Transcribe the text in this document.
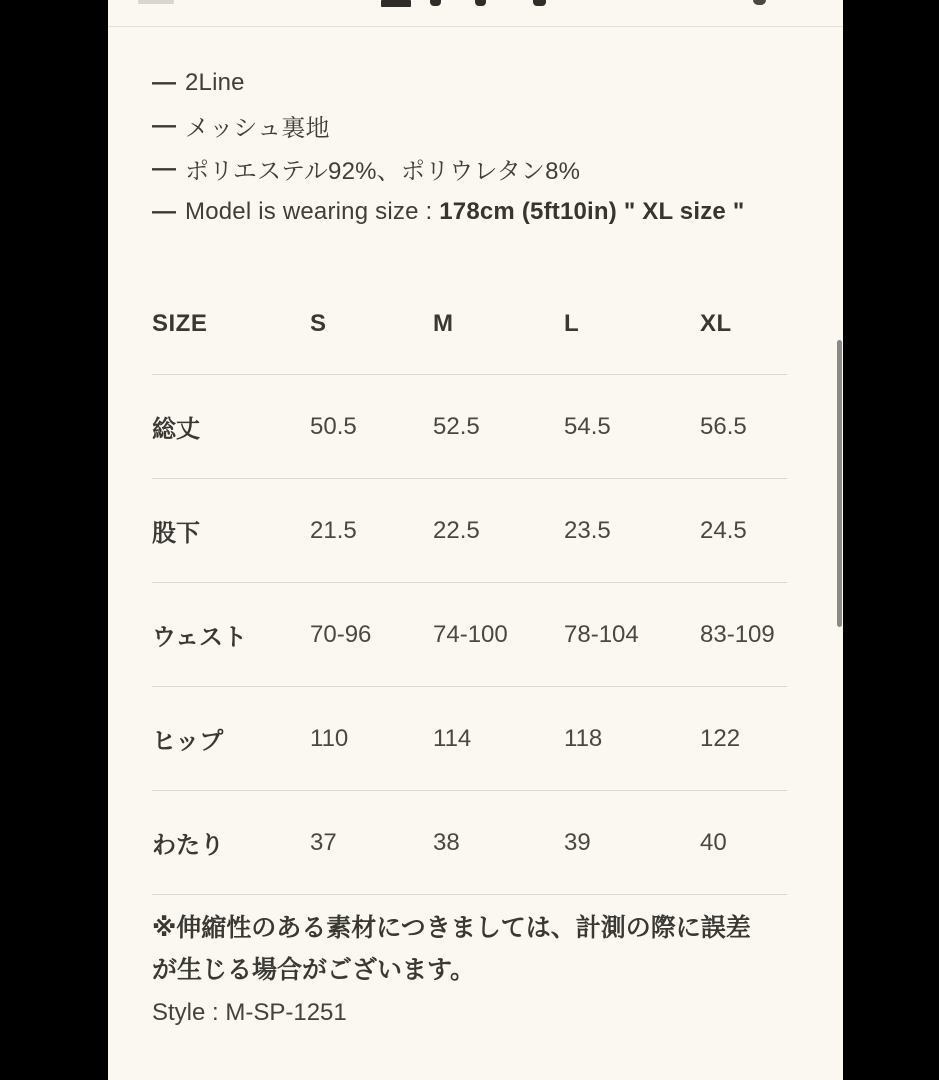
— 2Line
— メッシュ裏地
— ポリエステル92%、ポリウレタン8%
— Model is wearing size : 178cm (5ft10in) " XL size "
SIZE	S	M	L	XL
総丈	50.5	52.5	54.5	56.5
股下	21.5	22.5	23.5	24.5
ウェスト	70-96	74-100	78-104	83-109
ヒップ	110	114	118	122
わたり	37	38	39	40
※伸縮性のある素材につきましては、計測の際に誤差
が生じる場合がございます。
Style : M-SP-1251
